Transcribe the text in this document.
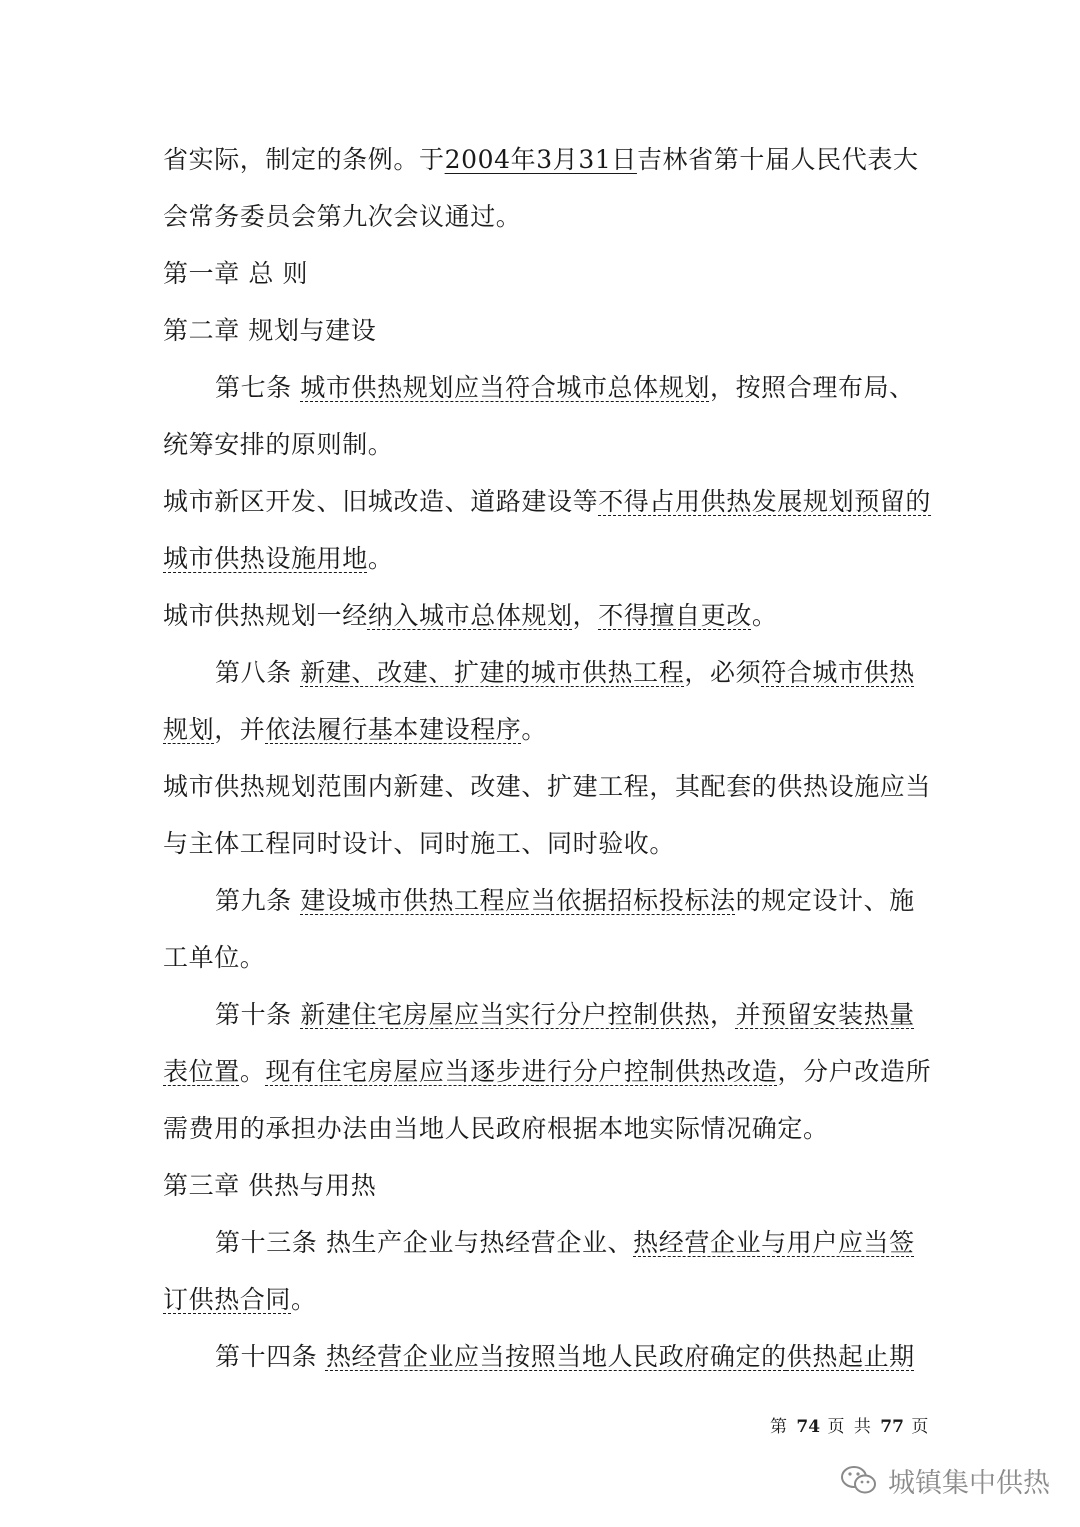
省实际，制定的条例。于2004年3月31日吉林省第十届人民代表大
会常务委员会第九次会议通过。
第一章 总 则
第二章 规划与建设
第七条 城市供热规划应当符合城市总体规划，按照合理布局、
统筹安排的原则制。
城市新区开发、旧城改造、道路建设等不得占用供热发展规划预留的
城市供热设施用地。
城市供热规划一经纳入城市总体规划，不得擅自更改。
第八条 新建、改建、扩建的城市供热工程，必须符合城市供热
规划，并依法履行基本建设程序。
城市供热规划范围内新建、改建、扩建工程，其配套的供热设施应当
与主体工程同时设计、同时施工、同时验收。
第九条 建设城市供热工程应当依据招标投标法的规定设计、施
工单位。
第十条 新建住宅房屋应当实行分户控制供热，并预留安装热量
表位置。现有住宅房屋应当逐步进行分户控制供热改造，分户改造所
需费用的承担办法由当地人民政府根据本地实际情况确定。
第三章 供热与用热
第十三条 热生产企业与热经营企业、热经营企业与用户应当签
订供热合同。
第十四条 热经营企业应当按照当地人民政府确定的供热起止期
第 74 页 共 77 页
城镇集中供热
